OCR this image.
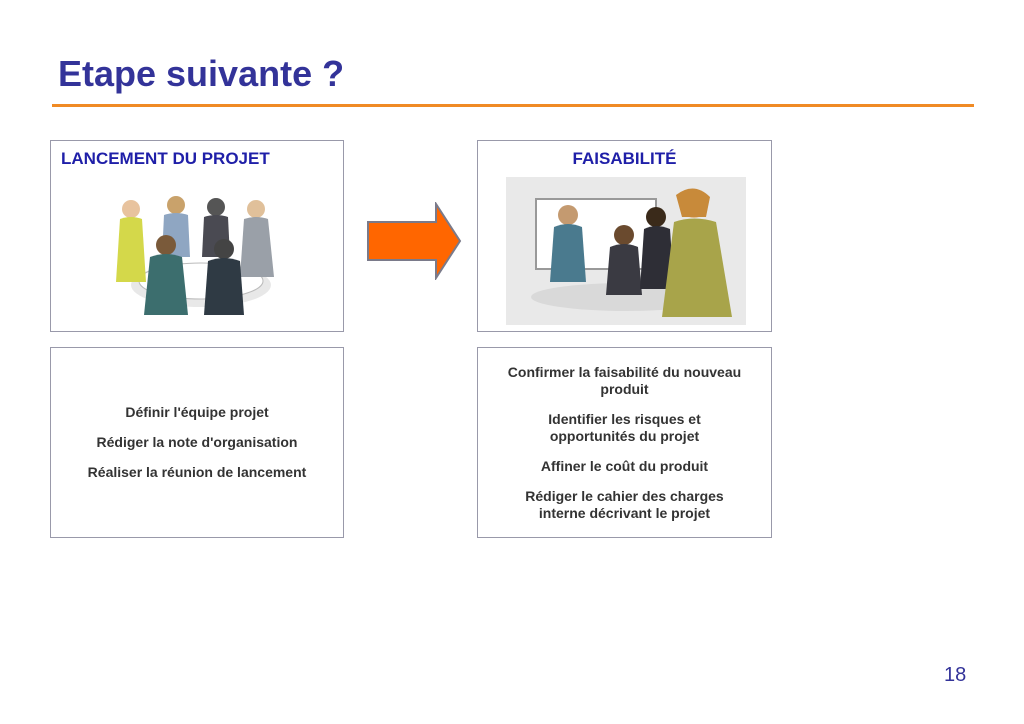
Etape suivante ?
LANCEMENT DU PROJET	FAISABILITÉ
Définir l'équipe projet
Rédiger la note d'organisation
Réaliser la réunion de lancement
Confirmer la faisabilité du nouveau
produit
Identifier les risques et
opportunités du projet
Affiner le coût du produit
Rédiger le cahier des charges
interne décrivant le projet
18
